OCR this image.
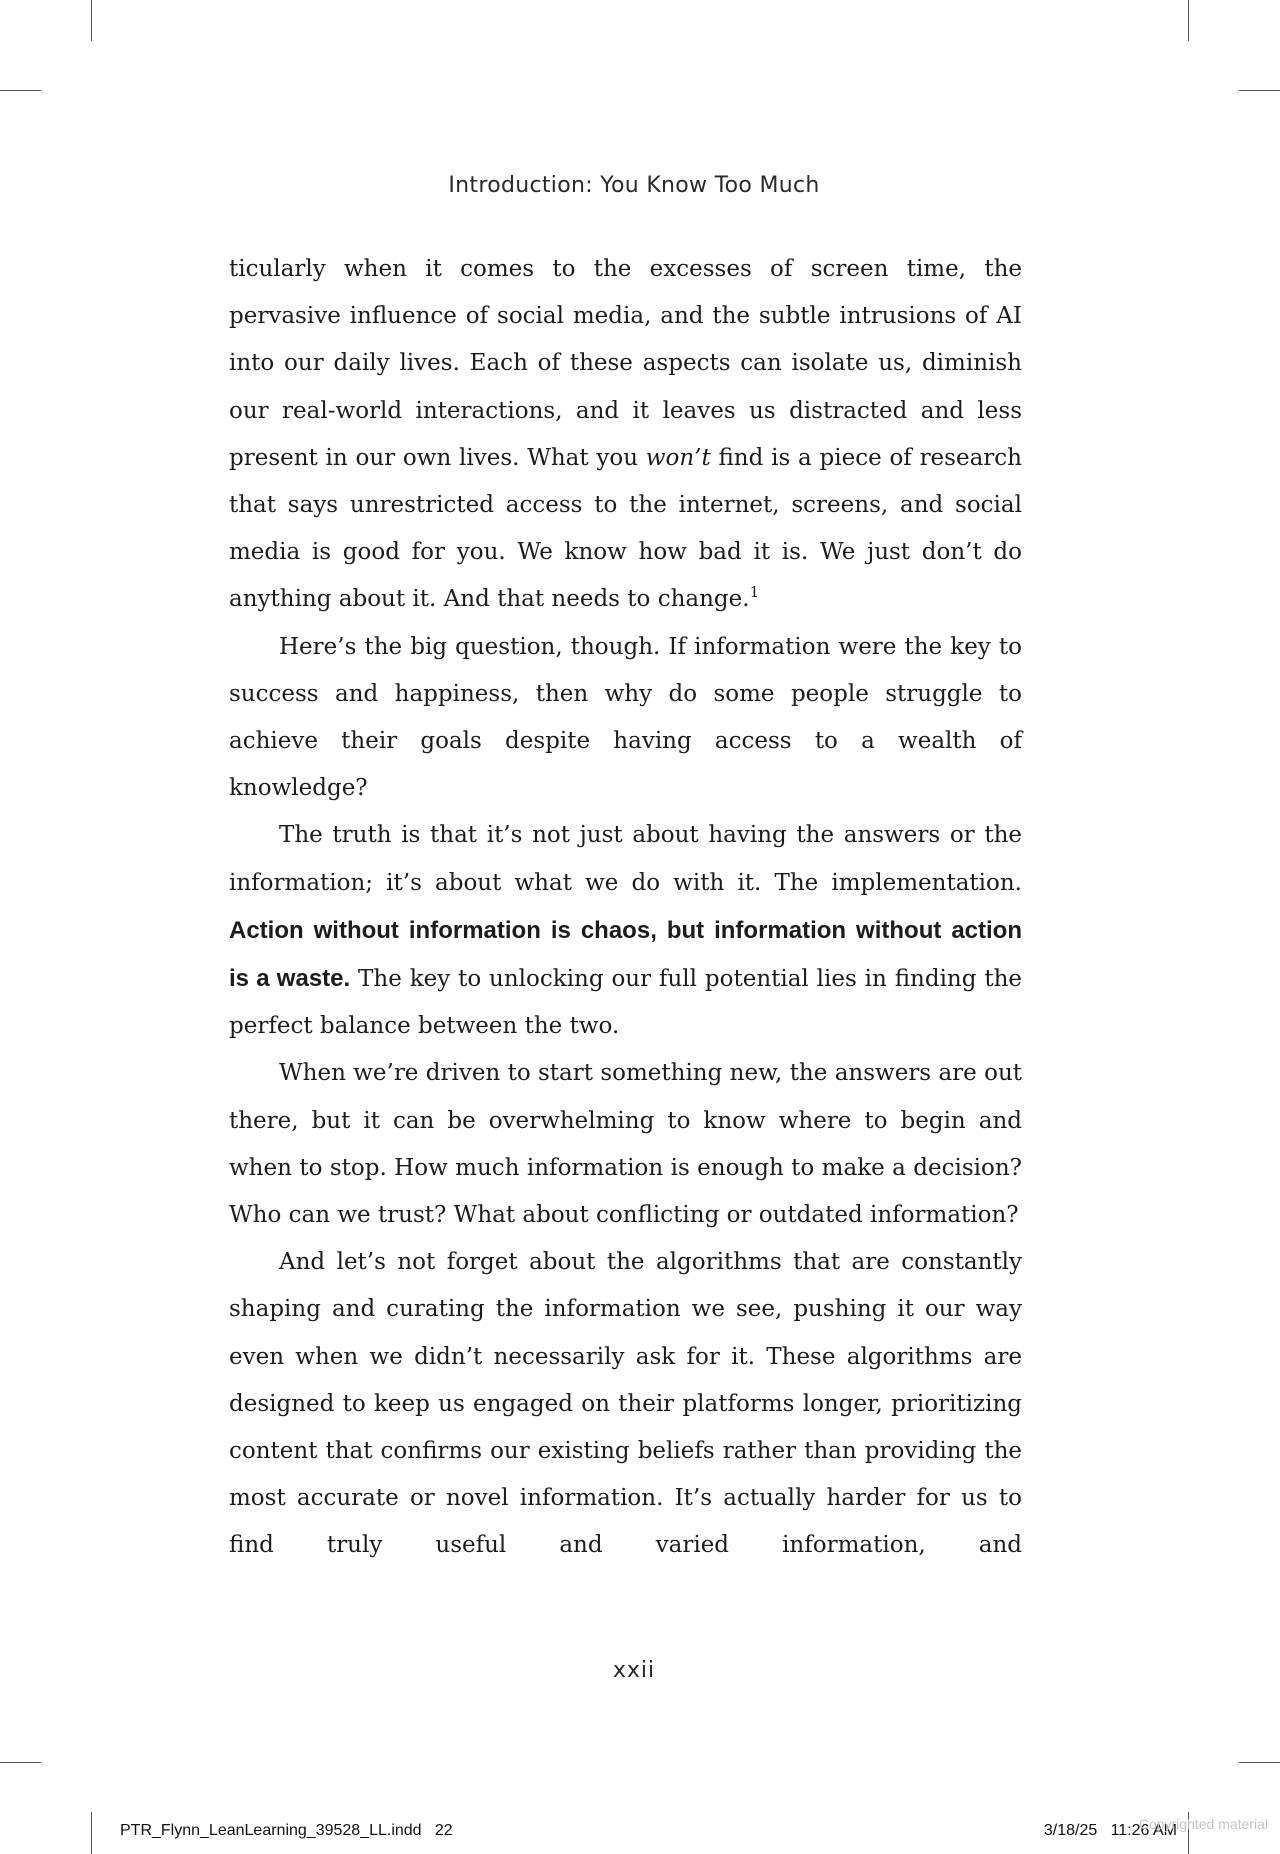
Introduction: You Know Too Much

ticularly when it comes to the excesses of screen time, the pervasive influence of social media, and the subtle intrusions of AI into our daily lives. Each of these aspects can isolate us, diminish our real-world interactions, and it leaves us distracted and less present in our own lives. What you won’t find is a piece of research that says unrestricted access to the internet, screens, and social media is good for you. We know how bad it is. We just don’t do anything about it. And that needs to change.$^1$

Here’s the big question, though. If information were the key to success and happiness, then why do some people struggle to achieve their goals despite having access to a wealth of knowledge?

The truth is that it’s not just about having the answers or the information; it’s about what we do with it. The implementation. Action without information is chaos, but information without action is a waste. The key to unlocking our full potential lies in finding the perfect balance between the two.

When we’re driven to start something new, the answers are out there, but it can be overwhelming to know where to begin and when to stop. How much information is enough to make a decision? Who can we trust? What about conflicting or outdated information?

And let’s not forget about the algorithms that are constantly shaping and curating the information we see, pushing it our way even when we didn’t necessarily ask for it. These algorithms are designed to keep us engaged on their platforms longer, prioritizing content that confirms our existing beliefs rather than providing the most accurate or novel information. It’s actually harder for us to find truly useful and varied information, and

xxii
PTR_Flynn_LeanLearning_39528_LL.indd   22	3/18/25   11:26 AM
Copyrighted material
